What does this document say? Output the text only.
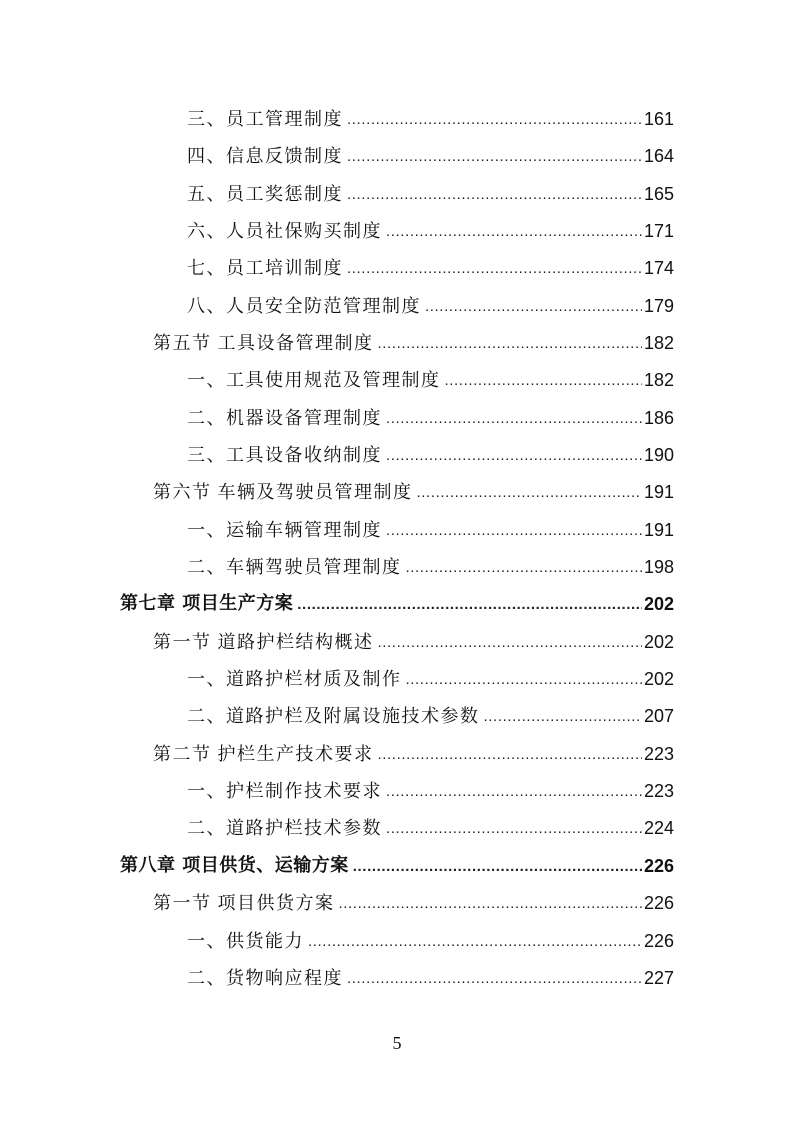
三、员工管理制度 .....	161
四、信息反馈制度 .....	164
五、员工奖惩制度 .....	165
六、人员社保购买制度 .....	171
七、员工培训制度 .....	174
八、人员安全防范管理制度 .....	179
第五节 工具设备管理制度 .....	182
一、工具使用规范及管理制度 .....	182
二、机器设备管理制度 .....	186
三、工具设备收纳制度 .....	190
第六节 车辆及驾驶员管理制度 .....	191
一、运输车辆管理制度 .....	191
二、车辆驾驶员管理制度 .....	198
第七章 项目生产方案 .....	202
第一节 道路护栏结构概述 .....	202
一、道路护栏材质及制作 .....	202
二、道路护栏及附属设施技术参数 .....	207
第二节 护栏生产技术要求 .....	223
一、护栏制作技术要求 .....	223
二、道路护栏技术参数 .....	224
第八章 项目供货、运输方案 .....	226
第一节 项目供货方案 .....	226
一、供货能力 .....	226
二、货物响应程度 .....	227
5
